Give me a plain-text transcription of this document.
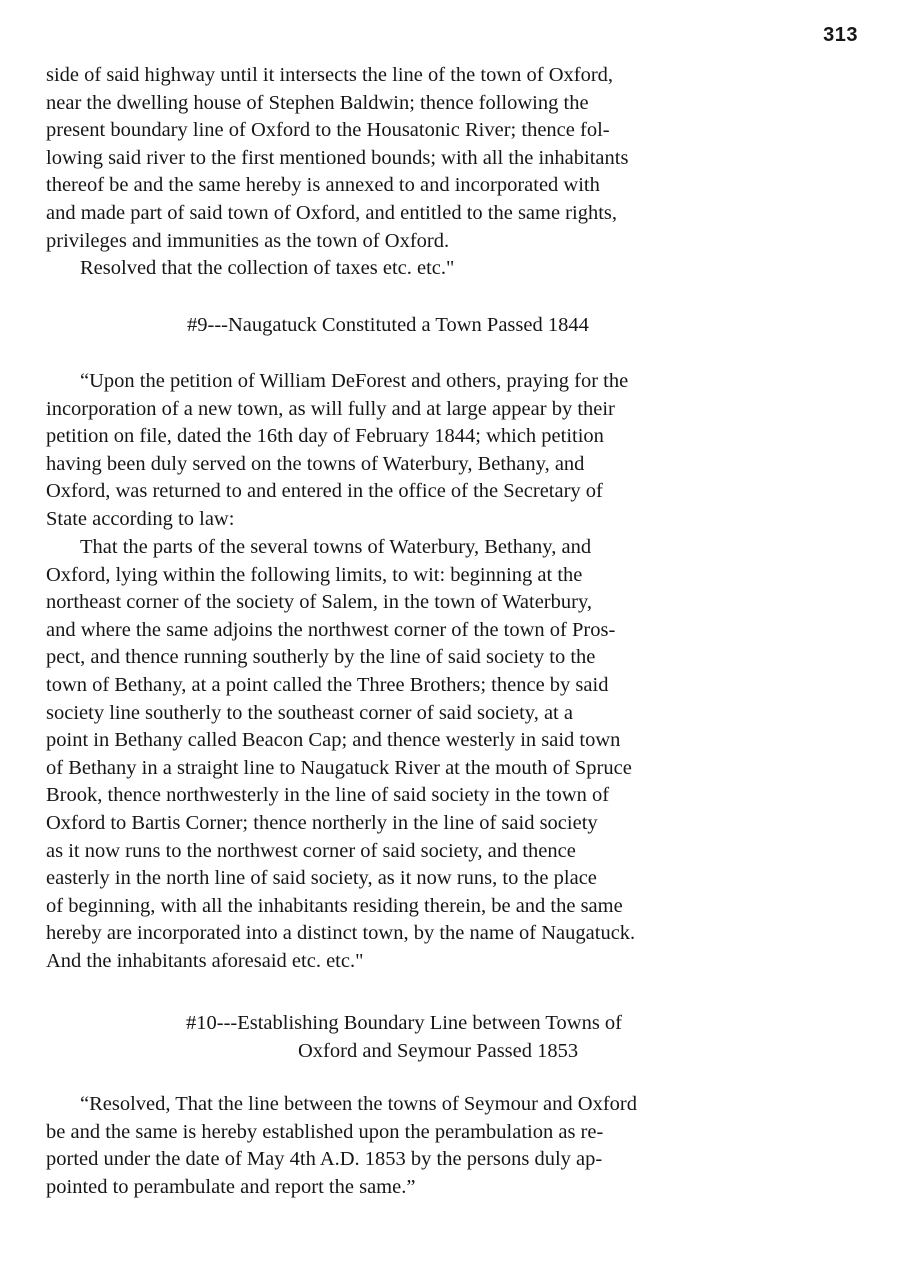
313
side of said highway until it intersects the line of the town of Oxford,
near the dwelling house of Stephen Baldwin; thence following the
present boundary line of Oxford to the Housatonic River; thence fol-
lowing said river to the first mentioned bounds; with all the inhabitants
thereof be and the same hereby is annexed to and incorporated with
and made part of said town of Oxford, and entitled to the same rights,
privileges and immunities as the town of Oxford.
Resolved that the collection of taxes etc. etc."
#9---Naugatuck Constituted a Town Passed 1844
“Upon the petition of William DeForest and others, praying for the
incorporation of a new town, as will fully and at large appear by their
petition on file, dated the 16th day of February 1844; which petition
having been duly served on the towns of Waterbury, Bethany, and
Oxford, was returned to and entered in the office of the Secretary of
State according to law:
That the parts of the several towns of Waterbury, Bethany, and
Oxford, lying within the following limits, to wit: beginning at the
northeast corner of the society of Salem, in the town of Waterbury,
and where the same adjoins the northwest corner of the town of Pros-
pect, and thence running southerly by the line of said society to the
town of Bethany, at a point called the Three Brothers; thence by said
society line southerly to the southeast corner of said society, at a
point in Bethany called Beacon Cap; and thence westerly in said town
of Bethany in a straight line to Naugatuck River at the mouth of Spruce
Brook, thence northwesterly in the line of said society in the town of
Oxford to Bartis Corner; thence northerly in the line of said society
as it now runs to the northwest corner of said society, and thence
easterly in the north line of said society, as it now runs, to the place
of beginning, with all the inhabitants residing therein, be and the same
hereby are incorporated into a distinct town, by the name of Naugatuck.
And the inhabitants aforesaid etc. etc."
#10---Establishing Boundary Line between Towns of
Oxford and Seymour Passed 1853
“Resolved, That the line between the towns of Seymour and Oxford
be and the same is hereby established upon the perambulation as re-
ported under the date of May 4th A.D. 1853 by the persons duly ap-
pointed to perambulate and report the same.”
